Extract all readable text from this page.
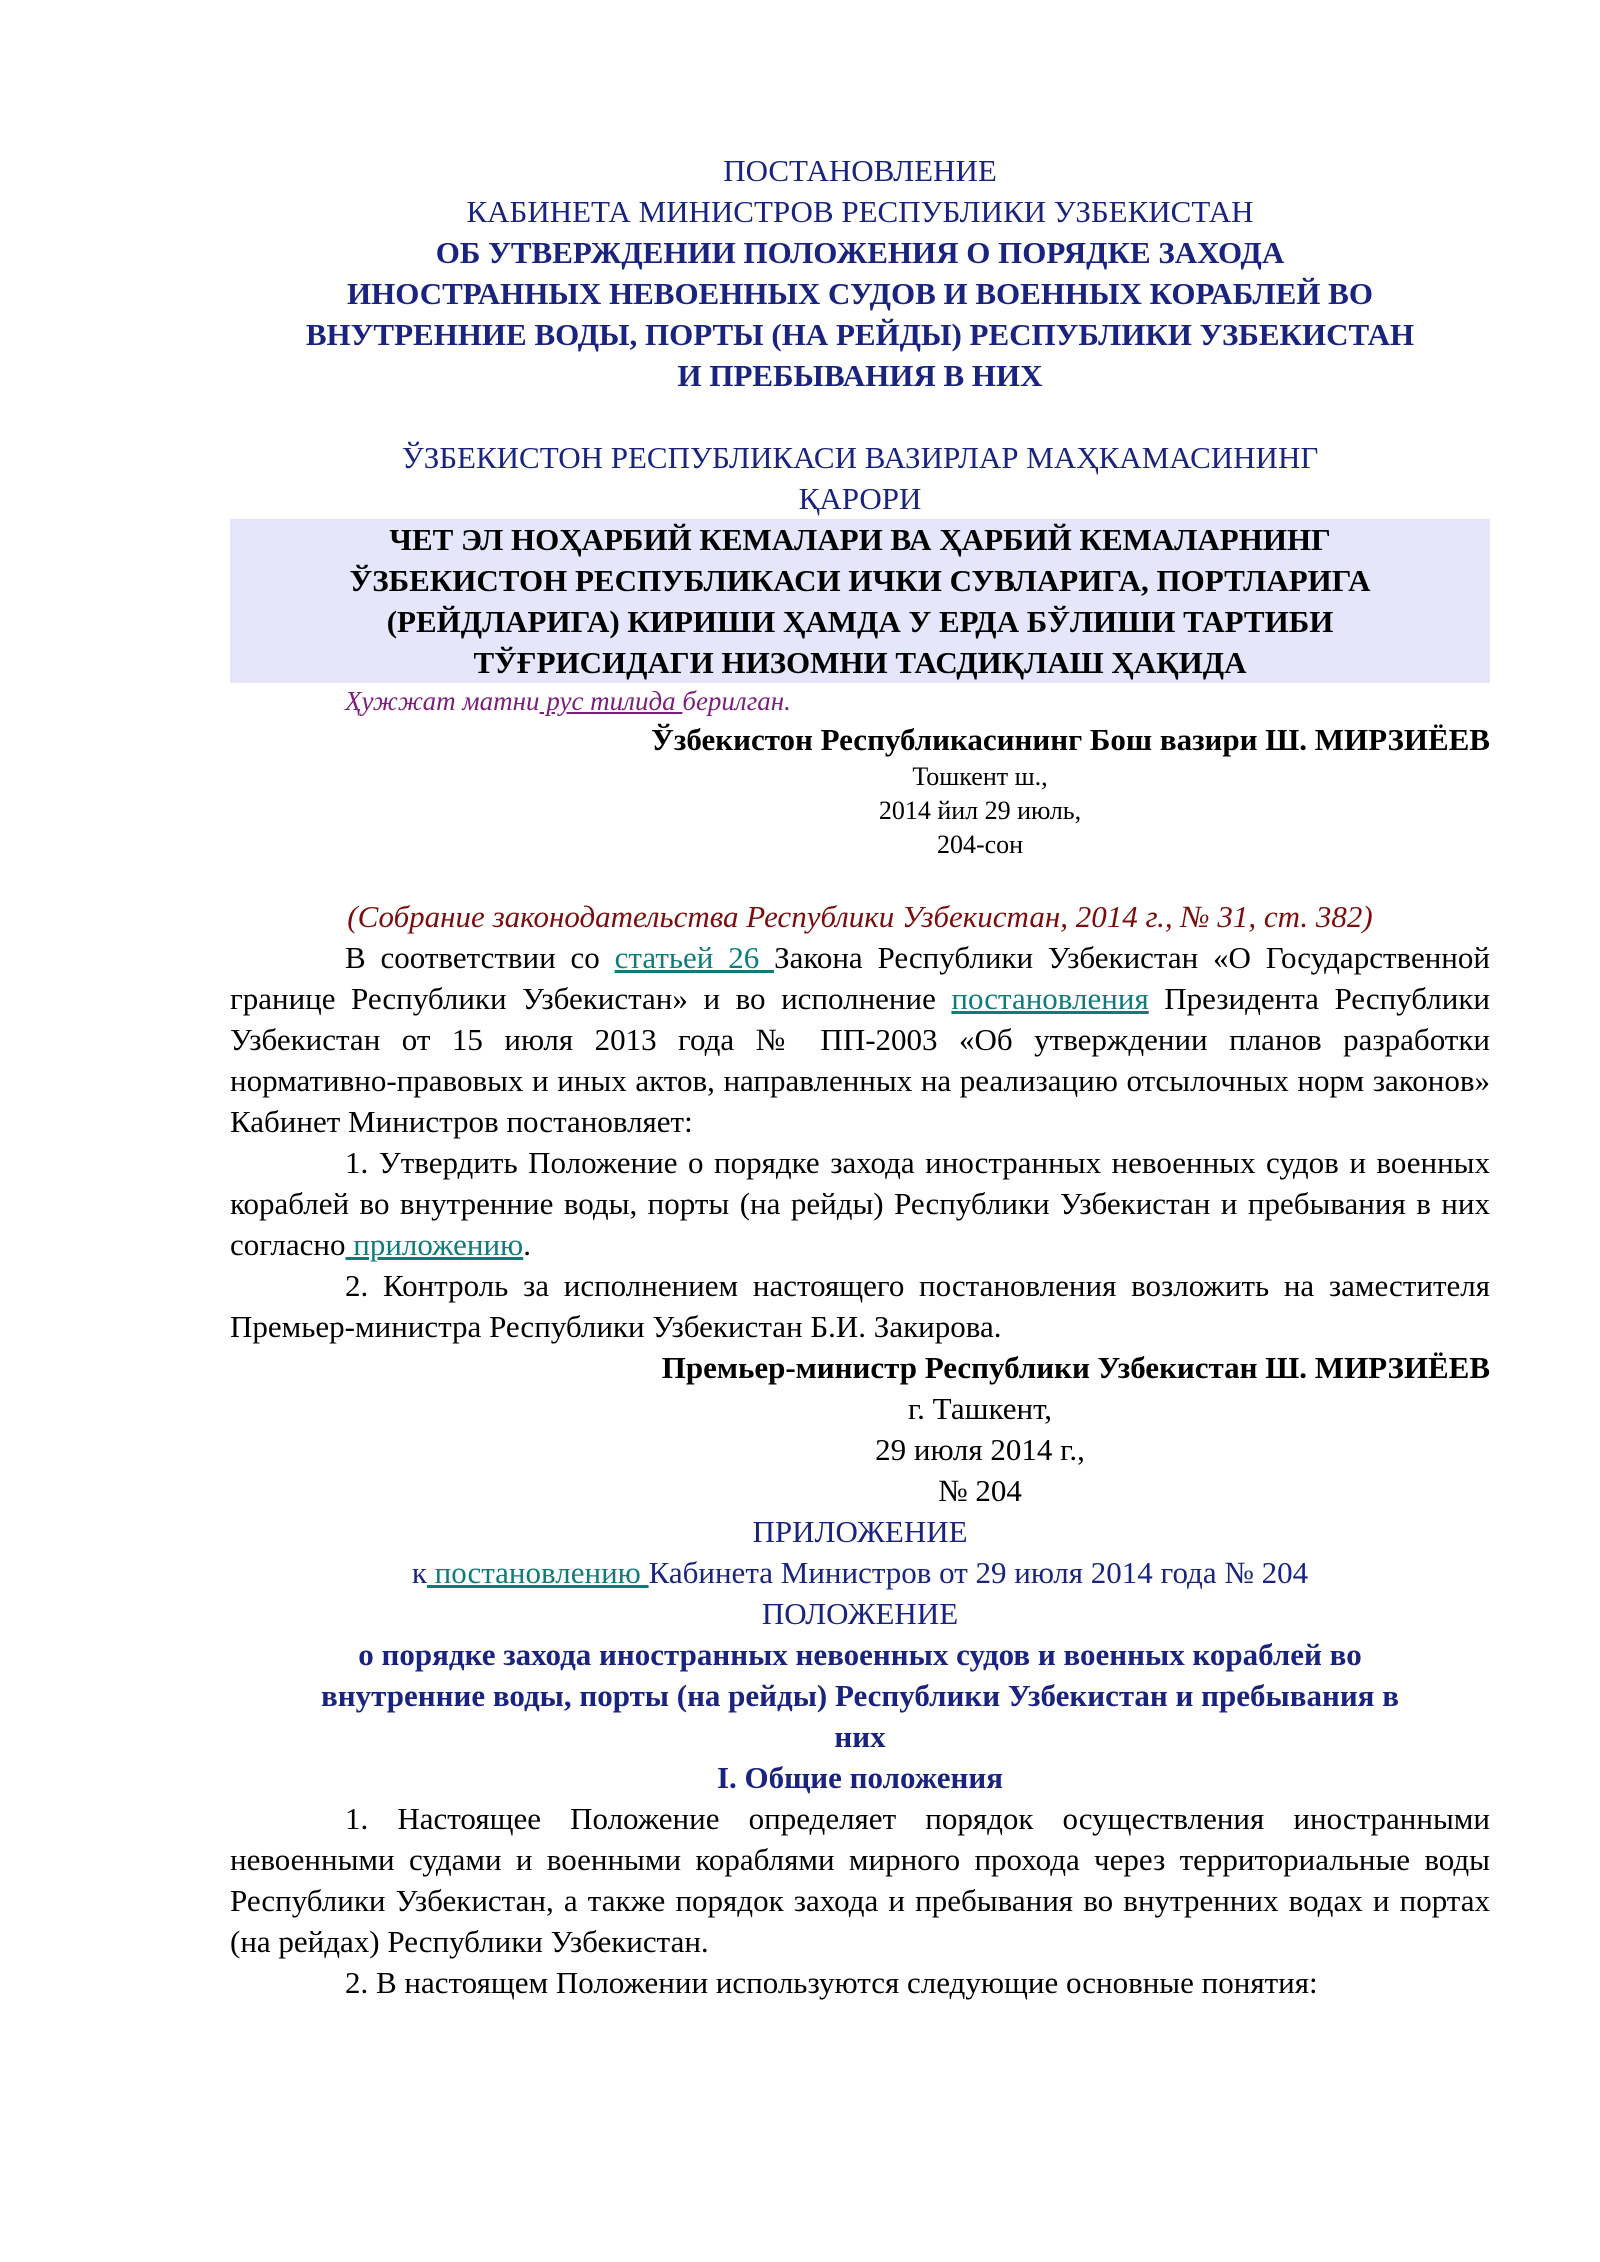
ПОСТАНОВЛЕНИЕ
КАБИНЕТА МИНИСТРОВ РЕСПУБЛИКИ УЗБЕКИСТАН
ОБ УТВЕРЖДЕНИИ ПОЛОЖЕНИЯ О ПОРЯДКЕ ЗАХОДА
ИНОСТРАННЫХ НЕВОЕННЫХ СУДОВ И ВОЕННЫХ КОРАБЛЕЙ ВО
ВНУТРЕННИЕ ВОДЫ, ПОРТЫ (НА РЕЙДЫ) РЕСПУБЛИКИ УЗБЕКИСТАН
И ПРЕБЫВАНИЯ В НИХ
ЎЗБЕКИСТОН РЕСПУБЛИКАСИ ВАЗИРЛАР МАҲКАМАСИНИНГ
ҚАРОРИ
ЧЕТ ЭЛ НОҲАРБИЙ КЕМАЛАРИ ВА ҲАРБИЙ КЕМАЛАРНИНГ
ЎЗБЕКИСТОН РЕСПУБЛИКАСИ ИЧКИ СУВЛАРИГА, ПОРТЛАРИГА
(РЕЙДЛАРИГА) КИРИШИ ҲАМДА У ЕРДА БЎЛИШИ ТАРТИБИ
ТЎҒРИСИДАГИ НИЗОМНИ ТАСДИҚЛАШ ҲАҚИДА
Ҳужжат матни рус тилида берилган.
Ўзбекистон Республикасининг Бош вазири Ш. МИРЗИЁЕВ
Тошкент ш.,
2014 йил 29 июль,
204-сон
(Собрание законодательства Республики Узбекистан, 2014 г., № 31, ст. 382)

В соответствии со статьей 26 Закона Республики Узбекистан «О Государственной границе Республики Узбекистан» и во исполнение постановления Президента Республики Узбекистан от 15 июля 2013 года № ПП-2003 «Об утверждении планов разработки нормативно-правовых и иных актов, направленных на реализацию отсылочных норм законов» Кабинет Министров постановляет:

1. Утвердить Положение о порядке захода иностранных невоенных судов и военных кораблей во внутренние воды, порты (на рейды) Республики Узбекистан и пребывания в них согласно приложению.

2. Контроль за исполнением настоящего постановления возложить на заместителя Премьер-министра Республики Узбекистан Б.И. Закирова.

Премьер-министр Республики Узбекистан Ш. МИРЗИЁЕВ
г. Ташкент,
29 июля 2014 г.,
№ 204
ПРИЛОЖЕНИЕ
к постановлению Кабинета Министров от 29 июля 2014 года № 204
ПОЛОЖЕНИЕ
о порядке захода иностранных невоенных судов и военных кораблей во
внутренние воды, порты (на рейды) Республики Узбекистан и пребывания в
них
I. Общие положения

1. Настоящее Положение определяет порядок осуществления иностранными невоенными судами и военными кораблями мирного прохода через территориальные воды Республики Узбекистан, а также порядок захода и пребывания во внутренних водах и портах (на рейдах) Республики Узбекистан.

2. В настоящем Положении используются следующие основные понятия:
